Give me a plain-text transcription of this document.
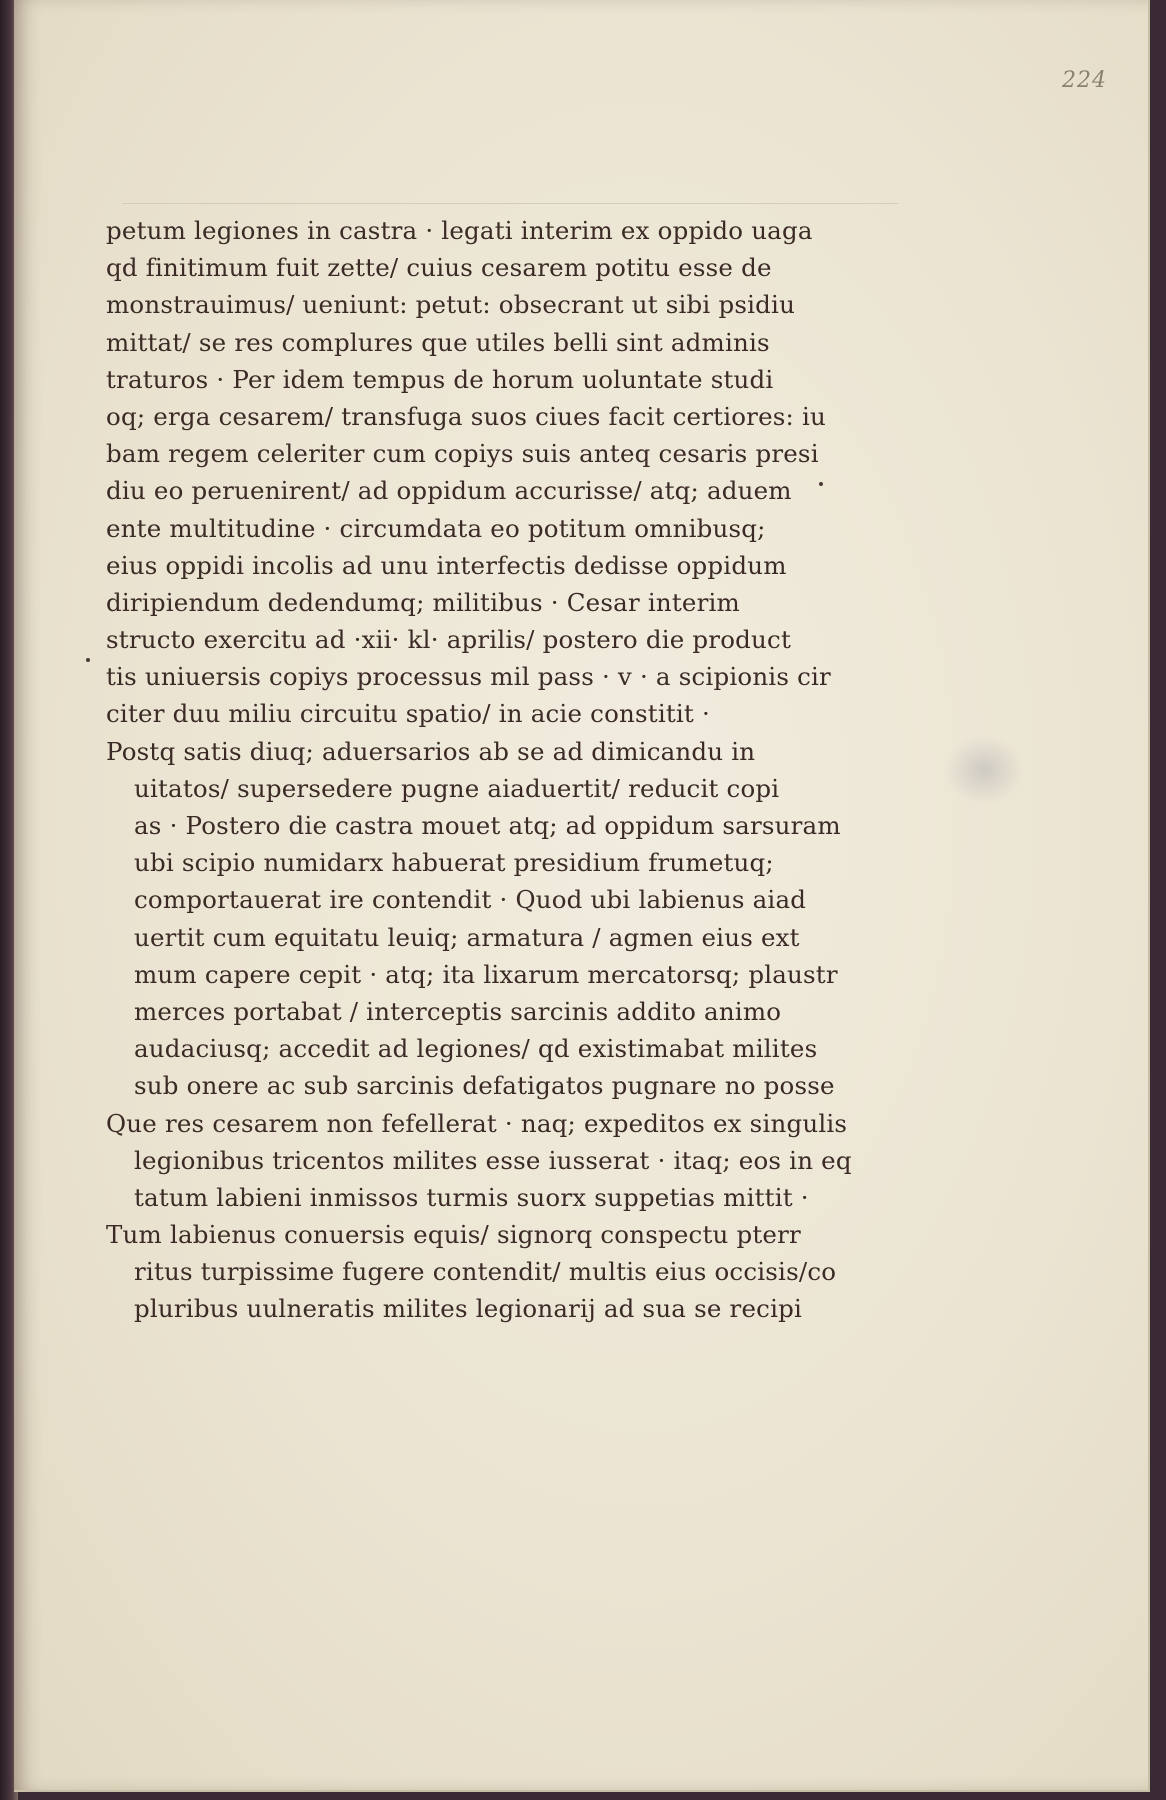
224
petum legiones in castra · legati interim ex oppido uaga
qd finitimum fuit zette/ cuius cesarem potitu esse de
monstrauimus/ ueniunt: petut: obsecrant ut sibi psidiu
mittat/ se res complures que utiles belli sint adminis
traturos · Per idem tempus de horum uoluntate studi
oq; erga cesarem/ transfuga suos ciues facit certiores: iu
bam regem celeriter cum copiys suis anteq cesaris presi
diu eo peruenirent/ ad oppidum accurisse/ atq; aduem
ente multitudine · circumdata eo potitum omnibusq;
eius oppidi incolis ad unu interfectis dedisse oppidum
diripiendum dedendumq; militibus · Cesar interim
structo exercitu ad ·xii· kl· aprilis/ postero die product
tis uniuersis copiys processus mil pass · v · a scipionis cir
citer duu miliu circuitu spatio/ in acie constitit ·
Postq satis diuq; aduersarios ab se ad dimicandu in
uitatos/ supersedere pugne aiaduertit/ reducit copi
as · Postero die castra mouet atq; ad oppidum sarsuram
ubi scipio numidarx habuerat presidium frumetuq;
comportauerat ire contendit · Quod ubi labienus aiad
uertit cum equitatu leuiq; armatura / agmen eius ext
mum capere cepit · atq; ita lixarum mercatorsq; plaustr
merces portabat / interceptis sarcinis addito animo
audaciusq; accedit ad legiones/ qd existimabat milites
sub onere ac sub sarcinis defatigatos pugnare no posse
Que res cesarem non fefellerat · naq; expeditos ex singulis
legionibus tricentos milites esse iusserat · itaq; eos in eq
tatum labieni inmissos turmis suorx suppetias mittit ·
Tum labienus conuersis equis/ signorq conspectu pterr
ritus turpissime fugere contendit/ multis eius occisis/co
pluribus uulneratis milites legionarij ad sua se recipi
